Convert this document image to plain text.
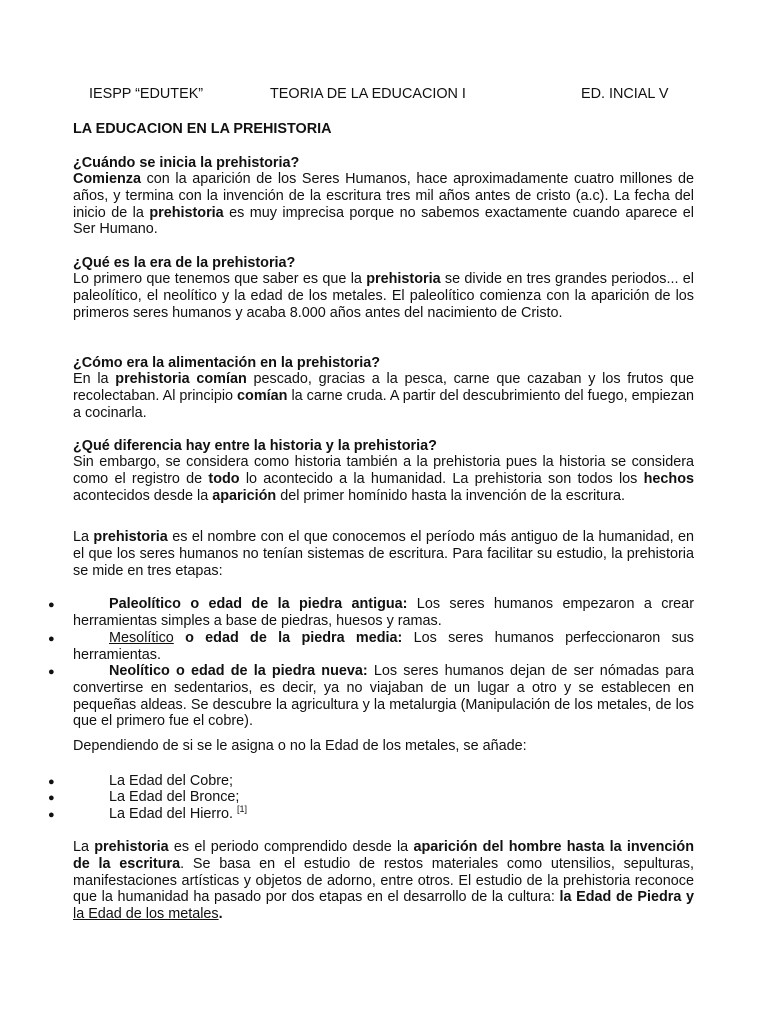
IESPP “EDUTEK”	TEORIA DE LA EDUCACION I	ED. INCIAL V
LA EDUCACION EN LA PREHISTORIA
¿Cuándo se inicia la prehistoria?
Comienza con la aparición de los Seres Humanos, hace aproximadamente cuatro millones de años, y termina con la invención de la escritura tres mil años antes de cristo (a.c). La fecha del inicio de la prehistoria es muy imprecisa porque no sabemos exactamente cuando aparece el Ser Humano.
¿Qué es la era de la prehistoria?
Lo primero que tenemos que saber es que la prehistoria se divide en tres grandes periodos... el paleolítico, el neolítico y la edad de los metales. El paleolítico comienza con la aparición de los primeros seres humanos y acaba 8.000 años antes del nacimiento de Cristo.
¿Cómo era la alimentación en la prehistoria?
En la prehistoria comían pescado, gracias a la pesca, carne que cazaban y los frutos que recolectaban. Al principio comían la carne cruda. A partir del descubrimiento del fuego, empiezan a cocinarla.
¿Qué diferencia hay entre la historia y la prehistoria?
Sin embargo, se considera como historia también a la prehistoria pues la historia se considera como el registro de todo lo acontecido a la humanidad. La prehistoria son todos los hechos acontecidos desde la aparición del primer homínido hasta la invención de la escritura.
La prehistoria es el nombre con el que conocemos el período más antiguo de la humanidad, en el que los seres humanos no tenían sistemas de escritura. Para facilitar su estudio, la prehistoria se mide en tres etapas:
●	Paleolítico o edad de la piedra antigua: Los seres humanos empezaron a crear herramientas simples a base de piedras, huesos y ramas.
●	Mesolítico o edad de la piedra media: Los seres humanos perfeccionaron sus herramientas.
●	Neolítico o edad de la piedra nueva: Los seres humanos dejan de ser nómadas para convertirse en sedentarios, es decir, ya no viajaban de un lugar a otro y se establecen en pequeñas aldeas. Se descubre la agricultura y la metalurgia (Manipulación de los metales, de los que el primero fue el cobre).
Dependiendo de si se le asigna o no la Edad de los metales, se añade:
●	La Edad del Cobre;
●	La Edad del Bronce;
●	La Edad del Hierro. [1]
La prehistoria es el periodo comprendido desde la aparición del hombre hasta la invención de la escritura. Se basa en el estudio de restos materiales como utensilios, sepulturas, manifestaciones artísticas y objetos de adorno, entre otros. El estudio de la prehistoria reconoce que la humanidad ha pasado por dos etapas en el desarrollo de la cultura: la Edad de Piedra y la Edad de los metales.
